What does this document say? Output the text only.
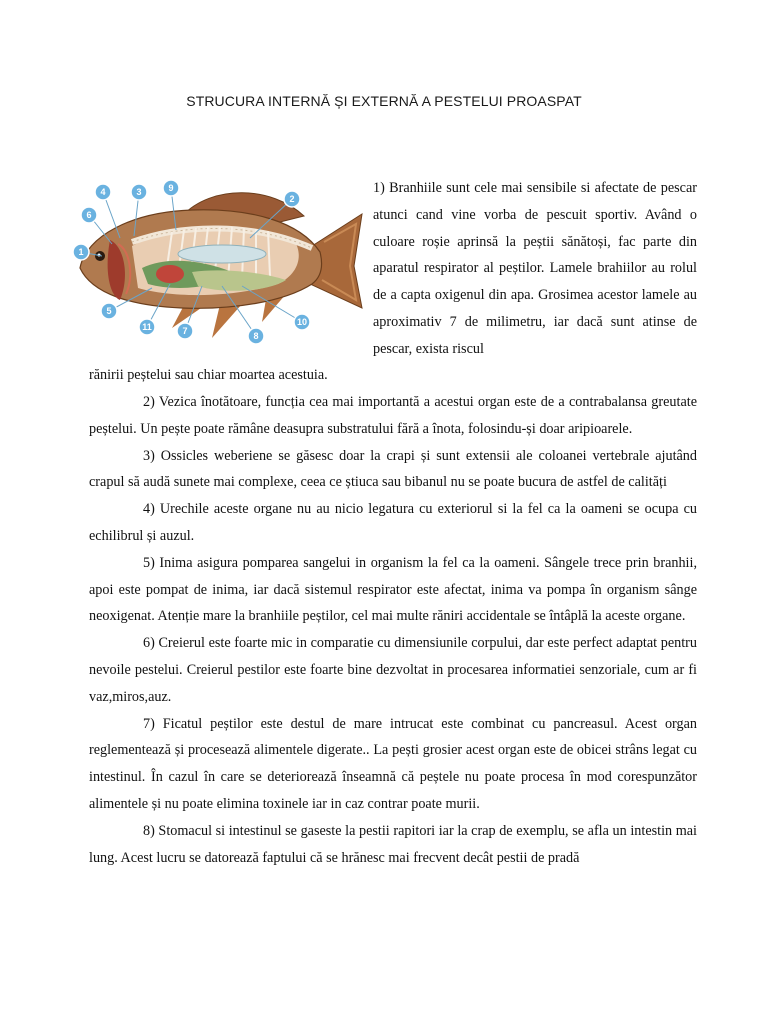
STRUCURA INTERNĂ ȘI EXTERNĂ A PESTELUI PROASPAT
4
6
3	9
2
1
5
11	7	8
10
1) Branhiile sunt cele mai sensibile si afectate de pescar atunci cand vine vorba de pescuit sportiv. Având o culoare roșie aprinsă la peștii sănătoși, fac parte din aparatul respirator al peștilor. Lamele brahiilor au rolul de a capta oxigenul din apa. Grosimea acestor lamele au aproximativ 7 de milimetru, iar dacă sunt atinse de pescar, exista riscul
rănirii peștelui sau chiar moartea acestuia.

2) Vezica înotătoare, funcția cea mai importantă a acestui organ este de a contrabalansa greutate peștelui. Un pește poate rămâne deasupra substratului fără a înota, folosindu-și doar aripioarele.

3) Ossicles weberiene se găsesc doar la crapi și sunt extensii ale coloanei vertebrale ajutând crapul să audă sunete mai complexe, ceea ce știuca sau bibanul nu se poate bucura de astfel de calități

4) Urechile aceste organe nu au nicio legatura cu exteriorul si la fel ca la oameni se ocupa cu echilibrul și auzul.

5) Inima asigura pomparea sangelui in organism la fel ca la oameni. Sângele trece prin branhii, apoi este pompat de inima, iar dacă sistemul respirator este afectat, inima va pompa în organism sânge neoxigenat. Atenție mare la branhiile peștilor, cel mai multe răniri accidentale se întâplă la aceste organe.

6) Creierul este foarte mic in comparatie cu dimensiunile corpului, dar este perfect adaptat pentru nevoile pestelui. Creierul pestilor este foarte bine dezvoltat in procesarea informatiei senzoriale, cum ar fi vaz,miros,auz.

7) Ficatul peștilor este destul de mare intrucat este combinat cu pancreasul. Acest organ reglementează și procesează alimentele digerate.. La pești grosier acest organ este de obicei strâns legat cu intestinul. În cazul în care se deteriorează înseamnă că peștele nu poate procesa în mod corespunzător alimentele și nu poate elimina toxinele iar in caz contrar poate murii.

8) Stomacul si intestinul se gaseste la pestii rapitori iar la crap de exemplu, se afla un intestin mai lung. Acest lucru se datorează faptului că se hrănesc mai frecvent decât pestii de pradă
